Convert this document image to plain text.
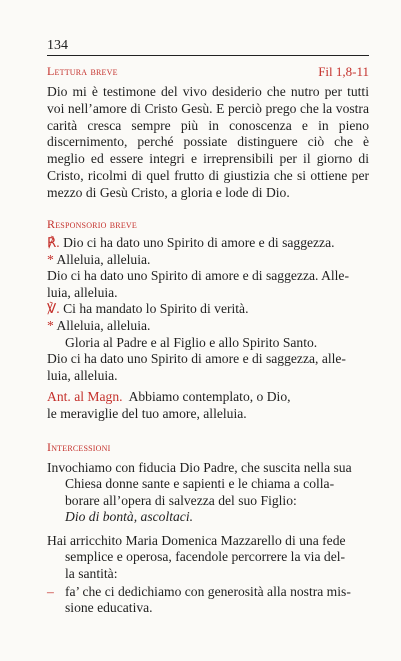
134
Lettura breve	Fil 1,8-11
Dio mi è testimone del vivo desiderio che nutro per tutti voi nell’amore di Cristo Gesù. E perciò prego che la vostra carità cresca sempre più in conoscenza e in pieno discernimento, perché possiate distinguere ciò che è meglio ed essere integri e irreprensibili per il giorno di Cristo, ricolmi di quel frutto di giustizia che si ottiene per mezzo di Gesù Cristo, a gloria e lode di Dio.
Responsorio breve
℟. Dio ci ha dato uno Spirito di amore e di saggezza.
* Alleluia, alleluia.
Dio ci ha dato uno Spirito di amore e di saggezza. Alle-
luia, alleluia.
℣. Ci ha mandato lo Spirito di verità.
* Alleluia, alleluia.
Gloria al Padre e al Figlio e allo Spirito Santo.
Dio ci ha dato uno Spirito di amore e di saggezza, alle-
luia, alleluia.
Ant. al Magn. Abbiamo contemplato, o Dio,
le meraviglie del tuo amore, alleluia.
Intercessioni
Invochiamo con fiducia Dio Padre, che suscita nella sua
Chiesa donne sante e sapienti e le chiama a colla-
borare all’opera di salvezza del suo Figlio:
Dio di bontà, ascoltaci.
Hai arricchito Maria Domenica Mazzarello di una fede
semplice e operosa, facendole percorrere la via del-
la santità:
– fa’ che ci dedichiamo con generosità alla nostra mis-
sione educativa.
